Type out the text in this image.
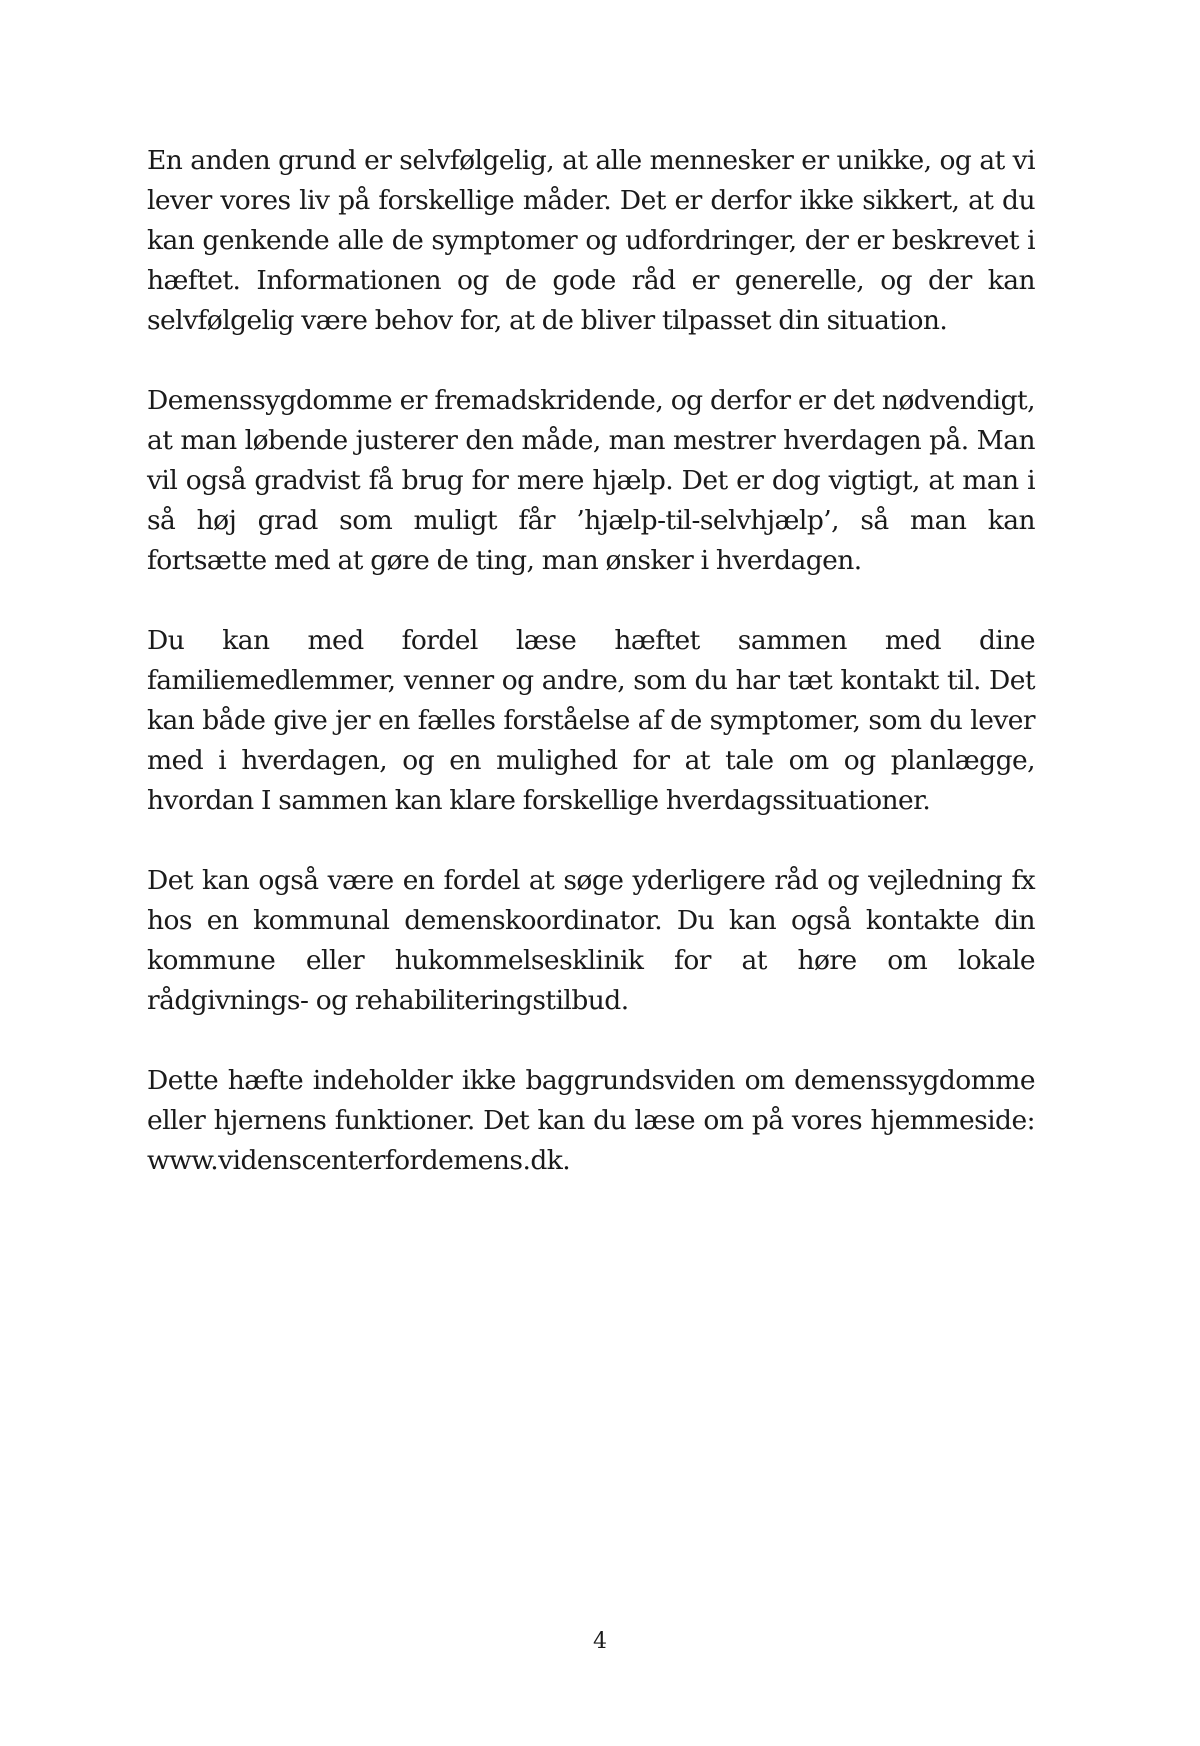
En anden grund er selvfølgelig, at alle mennesker er unikke, og at vi lever vores liv på forskellige måder. Det er derfor ikke sikkert, at du kan genkende alle de symptomer og udfordringer, der er beskrevet i hæftet. Informationen og de gode råd er generelle, og der kan selvfølgelig være behov for, at de bliver tilpasset din situation.

Demenssygdomme er fremadskridende, og derfor er det nødvendigt, at man løbende justerer den måde, man mestrer hverdagen på. Man vil også gradvist få brug for mere hjælp. Det er dog vigtigt, at man i så høj grad som muligt får ’hjælp-til-selvhjælp’, så man kan fortsætte med at gøre de ting, man ønsker i hverdagen.

Du kan med fordel læse hæftet sammen med dine familiemedlemmer, venner og andre, som du har tæt kontakt til. Det kan både give jer en fælles forståelse af de symptomer, som du lever med i hverdagen, og en mulighed for at tale om og planlægge, hvordan I sammen kan klare forskellige hverdagssituationer.

Det kan også være en fordel at søge yderligere råd og vejledning fx hos en kommunal demenskoordinator. Du kan også kontakte din kommune eller hukommelsesklinik for at høre om lokale rådgivnings- og rehabiliteringstilbud.

Dette hæfte indeholder ikke baggrundsviden om demenssygdomme eller hjernens funktioner. Det kan du læse om på vores hjemmeside: www.videnscenterfordemens.dk.

4
